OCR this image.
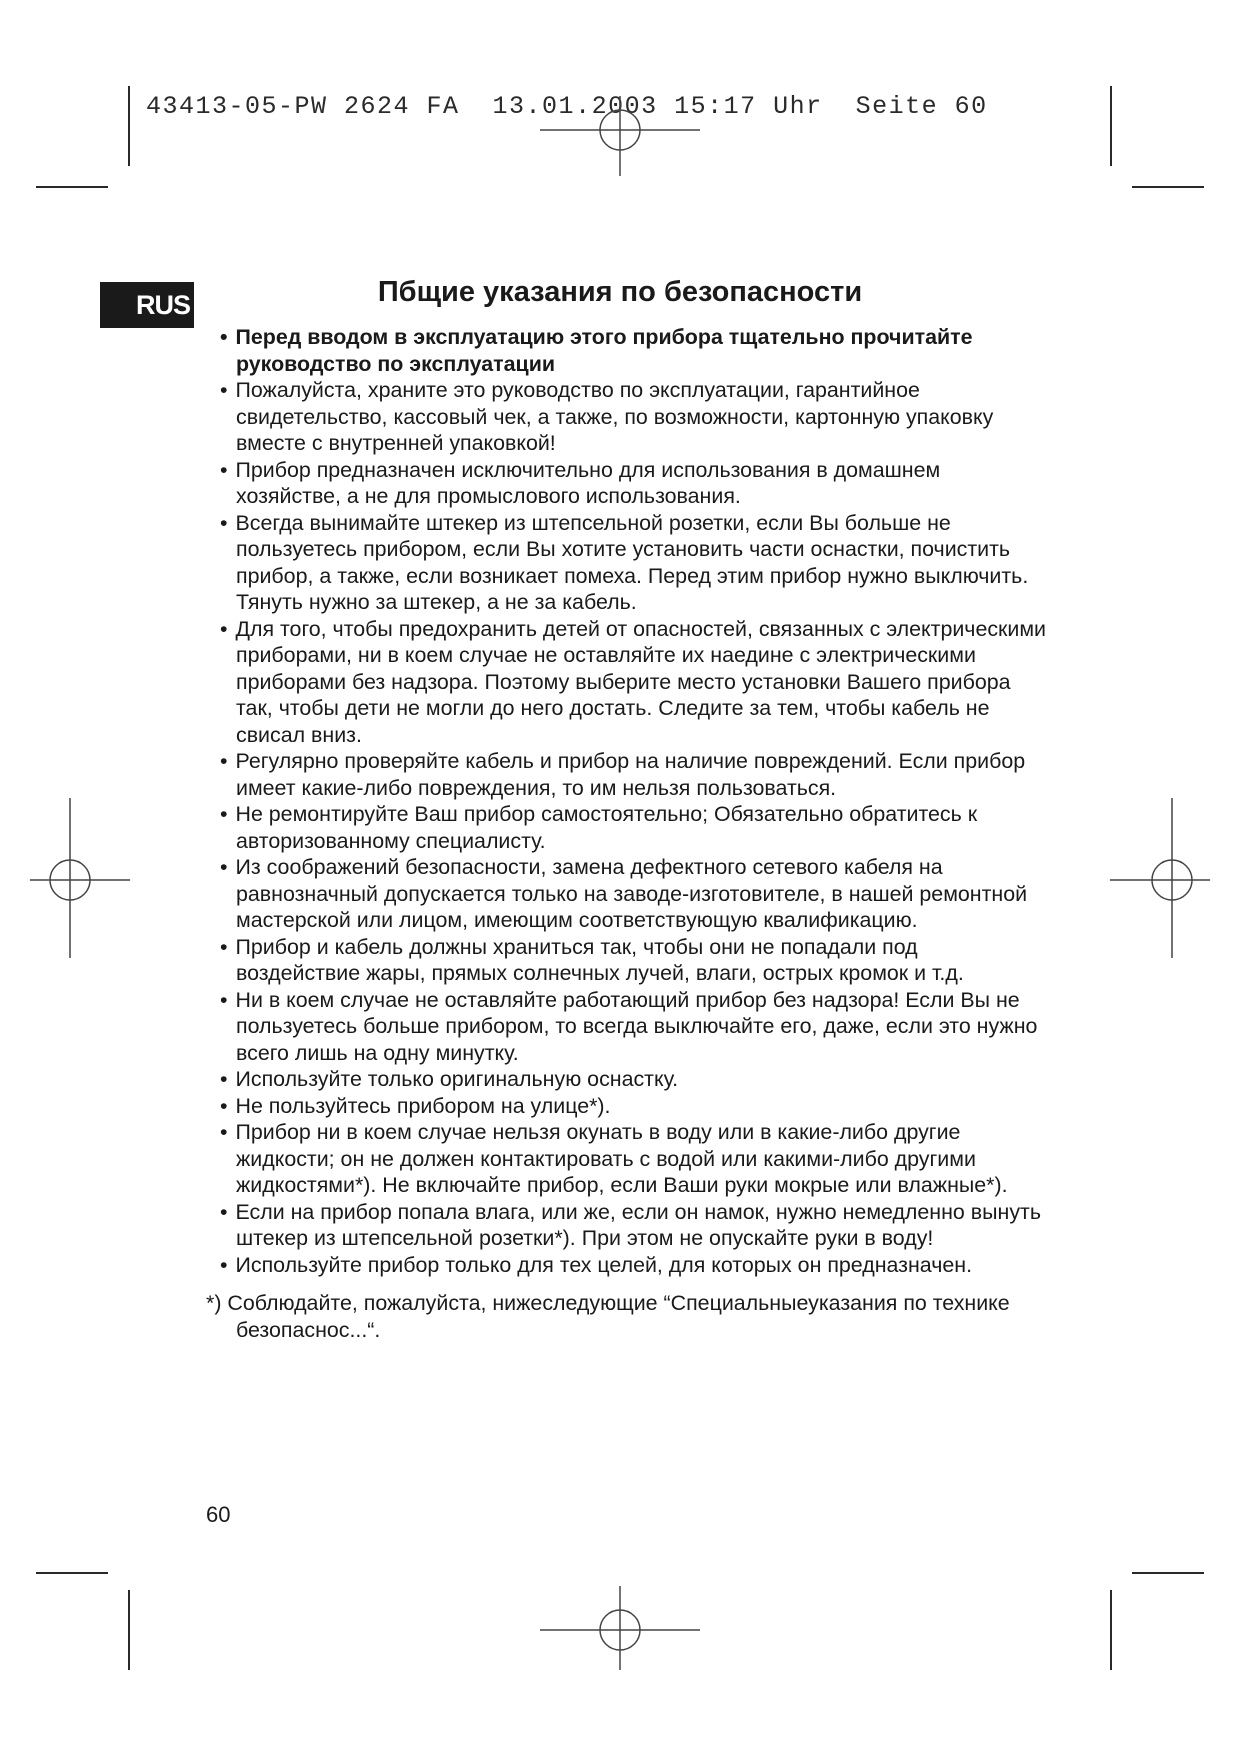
43413-05-PW 2624 FA  13.01.2003 15:17 Uhr  Seite 60
RUS	Пбщие указания по безопасности
• Перед вводом в эксплуатацию этого прибора тщательно прочитайте руководство по эксплуатации
• Пожалуйста, храните это руководство по эксплуатации, гарантийное свидетельство, кассовый чек, а также, по возможности, картонную упаковку вместе с внутренней упаковкой!
• Прибор предназначен исключительно для использования в домашнем хозяйстве, а не для промыслового использования.
• Всегда вынимайте штекер из штепсельной розетки, если Вы больше не пользуетесь прибором, если Вы хотите установить части оснастки, почистить прибор, а также, если возникает помеха. Перед этим прибор нужно выключить. Тянуть нужно за штекер, а не за кабель.
• Для того, чтобы предохранить детей от опасностей, связанных с электрическими приборами, ни в коем случае не оставляйте их наедине с электрическими приборами без надзора. Поэтому выберите место установки Вашего прибора так, чтобы дети не могли до него достать. Следите за тем, чтобы кабель не свисал вниз.
• Регулярно проверяйте кабель и прибор на наличие повреждений. Если прибор имеет какие-либо повреждения, то им нельзя пользоваться.
• Не ремонтируйте Ваш прибор самостоятельно; Обязательно обратитесь к авторизованному специалисту.
• Из соображений безопасности, замена дефектного сетевого кабеля на равнозначный допускается только на заводе-изготовителе, в нашей ремонтной мастерской или лицом, имеющим соответствующую квалификацию.
• Прибор и кабель должны храниться так, чтобы они не попадали под воздействие жары, прямых солнечных лучей, влаги, острых кромок и т.д.
• Ни в коем случае не оставляйте работающий прибор без надзора! Если Вы не пользуетесь больше прибором, то всегда выключайте его, даже, если это нужно всего лишь на одну минутку.
• Используйте только оригинальную оснастку.
• Не пользуйтесь прибором на улице*).
• Прибор ни в коем случае нельзя окунать в воду или в какие-либо другие жидкости; он не должен контактировать с водой или какими-либо другими жидкостями*). Не включайте прибор, если Ваши руки мокрые или влажные*).
• Если на прибор попала влага, или же, если он намок, нужно немедленно вынуть штекер из штепсельной розетки*). При этом не опускайте руки в воду!
• Используйте прибор только для тех целей, для которых он предназначен.
*) Соблюдайте, пожалуйста, нижеследующие “Специальныеуказания по технике безопаснос...“.
60
